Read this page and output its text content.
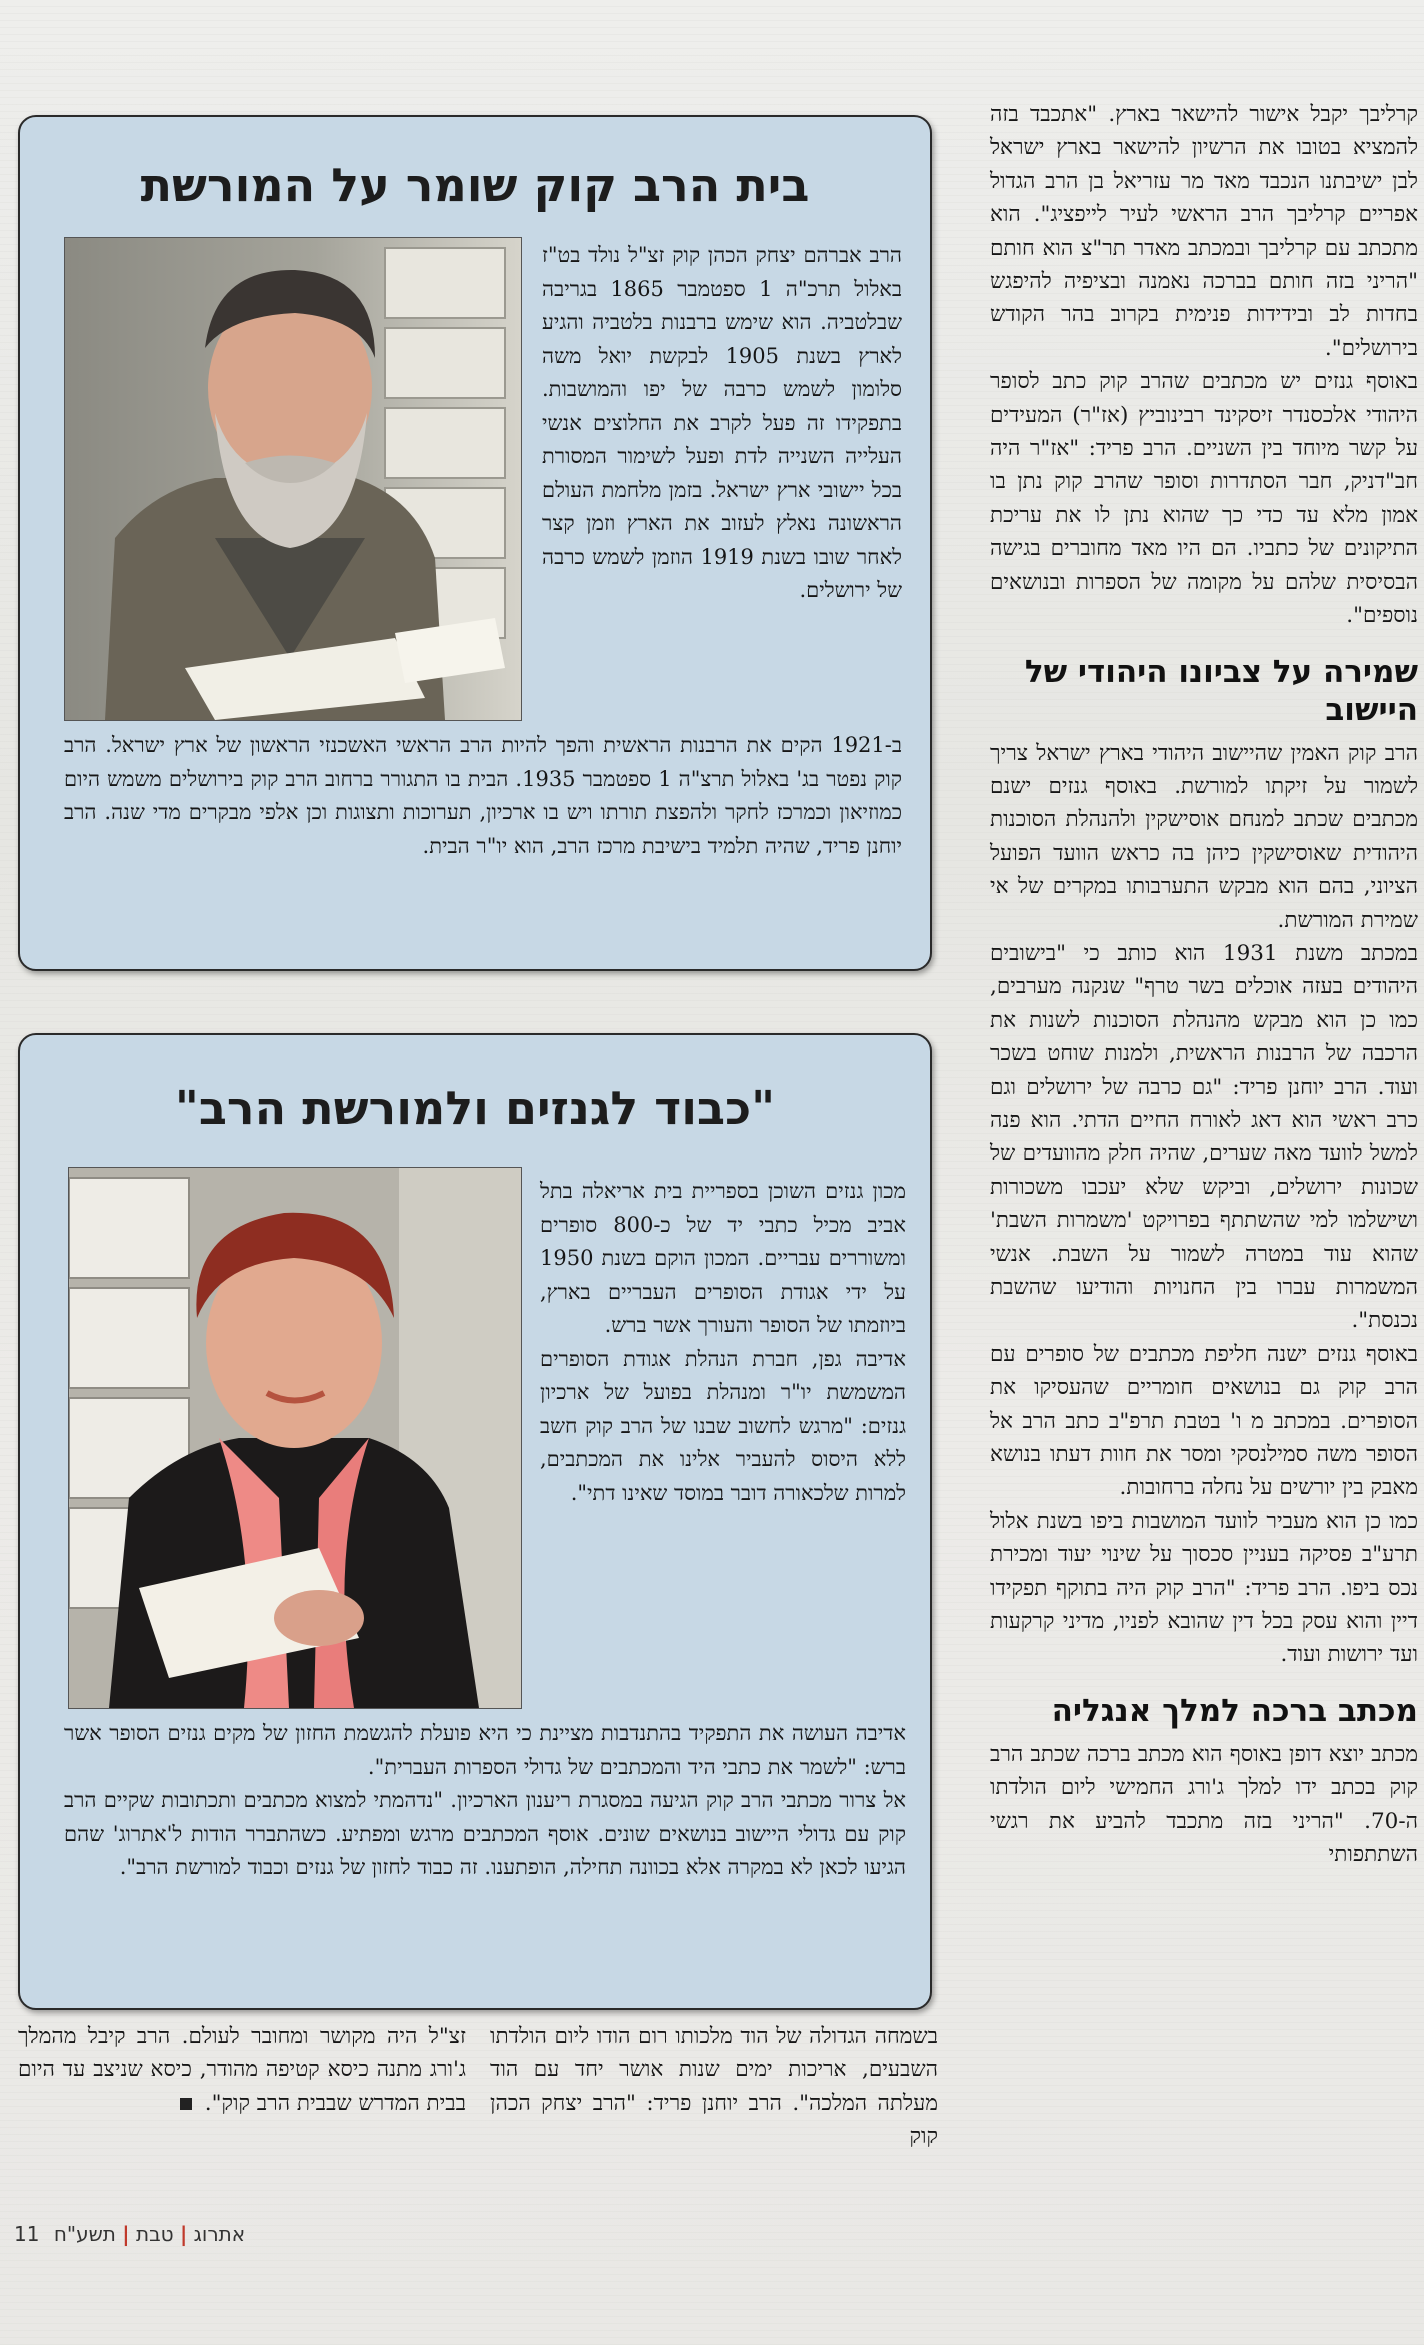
קרליבך יקבל אישור להישאר בארץ. "אתכבד בזה להמציא בטובו את הרשיון להישאר בארץ ישראל לבן ישיבתנו הנכבד מאד מר עזריאל בן הרב הגדול אפריים קרליבך הרב הראשי לעיר לייפציג". הוא מתכתב עם קרליבך ובמכתב מאדר תר"צ הוא חותם "הריני בזה חותם בברכה נאמנה ובציפיה להיפגש בחדות לב ובידידות פנימית בקרוב בהר הקודש בירושלים".

באוסף גנזים יש מכתבים שהרב קוק כתב לסופר היהודי אלכסנדר זיסקינד רבינוביץ (אז"ר) המעידים על קשר מיוחד בין השניים. הרב פריד: "אז"ר היה חב"דניק, חבר הסתדרות וסופר שהרב קוק נתן בו אמון מלא עד כדי כך שהוא נתן לו את עריכת התיקונים של כתביו. הם היו מאד מחוברים בגישה הבסיסית שלהם על מקומה של הספרות ובנושאים נוספים".

שמירה על צביונו היהודי של היישוב

הרב קוק האמין שהיישוב היהודי בארץ ישראל צריך לשמור על זיקתו למורשת. באוסף גנזים ישנם מכתבים שכתב למנחם אוסישקין ולהנהלת הסוכנות היהודית שאוסישקין כיהן בה כראש הוועד הפועל הציוני, בהם הוא מבקש התערבותו במקרים של אי שמירת המורשת.

במכתב משנת 1931 הוא כותב כי "בישובים היהודים בעזה אוכלים בשר טרף" שנקנה מערבים, כמו כן הוא מבקש מהנהלת הסוכנות לשנות את הרכבה של הרבנות הראשית, ולמנות שוחט בשכר ועוד. הרב יוחנן פריד: "גם כרבה של ירושלים וגם כרב ראשי הוא דאג לאורח החיים הדתי. הוא פנה למשל לוועד מאה שערים, שהיה חלק מהוועדים של שכונות ירושלים, וביקש שלא יעכבו משכורות ושישלמו למי שהשתתף בפרויקט 'משמרות השבת' שהוא עוד במטרה לשמור על השבת. אנשי המשמרות עברו בין החנויות והודיעו שהשבת נכנסת".

באוסף גנזים ישנה חליפת מכתבים של סופרים עם הרב קוק גם בנושאים חומריים שהעסיקו את הסופרים. במכתב מ ו' בטבת תרפ"ב כתב הרב אל הסופר משה סמילנסקי ומסר את חוות דעתו בנושא מאבק בין יורשים על נחלה ברחובות.

כמו כן הוא מעביר לוועד המושבות ביפו בשנת אלול תרע"ב פסיקה בעניין סכסוך על שינוי יעוד ומכירת נכס ביפו. הרב פריד: "הרב קוק היה בתוקף תפקידו דיין והוא עסק בכל דין שהובא לפניו, מדיני קרקעות ועד ירושות ועוד.

מכתב ברכה למלך אנגליה

מכתב יוצא דופן באוסף הוא מכתב ברכה שכתב הרב קוק בכתב ידו למלך ג'ורג החמישי ליום הולדתו ה-70. "הריני בזה מתכבד להביע את רגשי השתתפותי

בית הרב קוק שומר על המורשת

הרב אברהם יצחק הכהן קוק זצ"ל נולד בט"ז באלול תרכ"ה 1 ספטמבר 1865 בגריבה שבלטביה. הוא שימש ברבנות בלטביה והגיע לארץ בשנת 1905 לבקשת יואל משה סלומון לשמש כרבה של יפו והמושבות. בתפקידו זה פעל לקרב את החלוצים אנשי העלייה השנייה לדת ופעל לשימור המסורת בכל יישובי ארץ ישראל. בזמן מלחמת העולם הראשונה נאלץ לעזוב את הארץ וזמן קצר לאחר שובו בשנת 1919 הוזמן לשמש כרבה של ירושלים.

ב-1921 הקים את הרבנות הראשית והפך להיות הרב הראשי האשכנזי הראשון של ארץ ישראל. הרב קוק נפטר בג' באלול תרצ"ה 1 ספטמבר 1935. הבית בו התגורר ברחוב הרב קוק בירושלים משמש היום כמוזיאון וכמרכז לחקר ולהפצת תורתו ויש בו ארכיון, תערוכות ותצוגות וכן אלפי מבקרים מדי שנה. הרב יוחנן פריד, שהיה תלמיד בישיבת מרכז הרב, הוא יו"ר הבית.

"כבוד לגנזים ולמורשת הרב"

מכון גנזים השוכן בספריית בית אריאלה בתל אביב מכיל כתבי יד של כ-800 סופרים ומשוררים עבריים. המכון הוקם בשנת 1950 על ידי אגודת הסופרים העבריים בארץ, ביוזמתו של הסופר והעורך אשר ברש.

אדיבה גפן, חברת הנהלת אגודת הסופרים המשמשת יו"ר ומנהלת בפועל של ארכיון גנזים: "מרגש לחשוב שבנו של הרב קוק חשב ללא היסוס להעביר אלינו את המכתבים, למרות שלכאורה דובר במוסד שאינו דתי".

אדיבה העושה את התפקיד בהתנדבות מציינת כי היא פועלת להגשמת החזון של מקים גנזים הסופר אשר ברש: "לשמר את כתבי היד והמכתבים של גדולי הספרות העברית".

אל צרור מכתבי הרב קוק הגיעה במסגרת ריענון הארכיון. "נדהמתי למצוא מכתבים ותכתובות שקיים הרב קוק עם גדולי היישוב בנושאים שונים. אוסף המכתבים מרגש ומפתיע. כשהתברר הודות ל'אתרוג' שהם הגיעו לכאן לא במקרה אלא בכוונה תחילה, הופתענו. זה כבוד לחזון של גנזים וכבוד למורשת הרב".

בשמחה הגדולה של הוד מלכותו רום הודו ליום הולדתו השבעים, אריכות ימים שנות אושר יחד עם הוד מעלתה המלכה". הרב יוחנן פריד: "הרב יצחק הכהן קוק

זצ"ל היה מקושר ומחובר לעולם. הרב קיבל מהמלך ג'ורג מתנה כיסא קטיפה מהודר, כיסא שניצב עד היום בבית המדרש שבבית הרב קוק".

אתרוג | טבת | תשע"ח 11
